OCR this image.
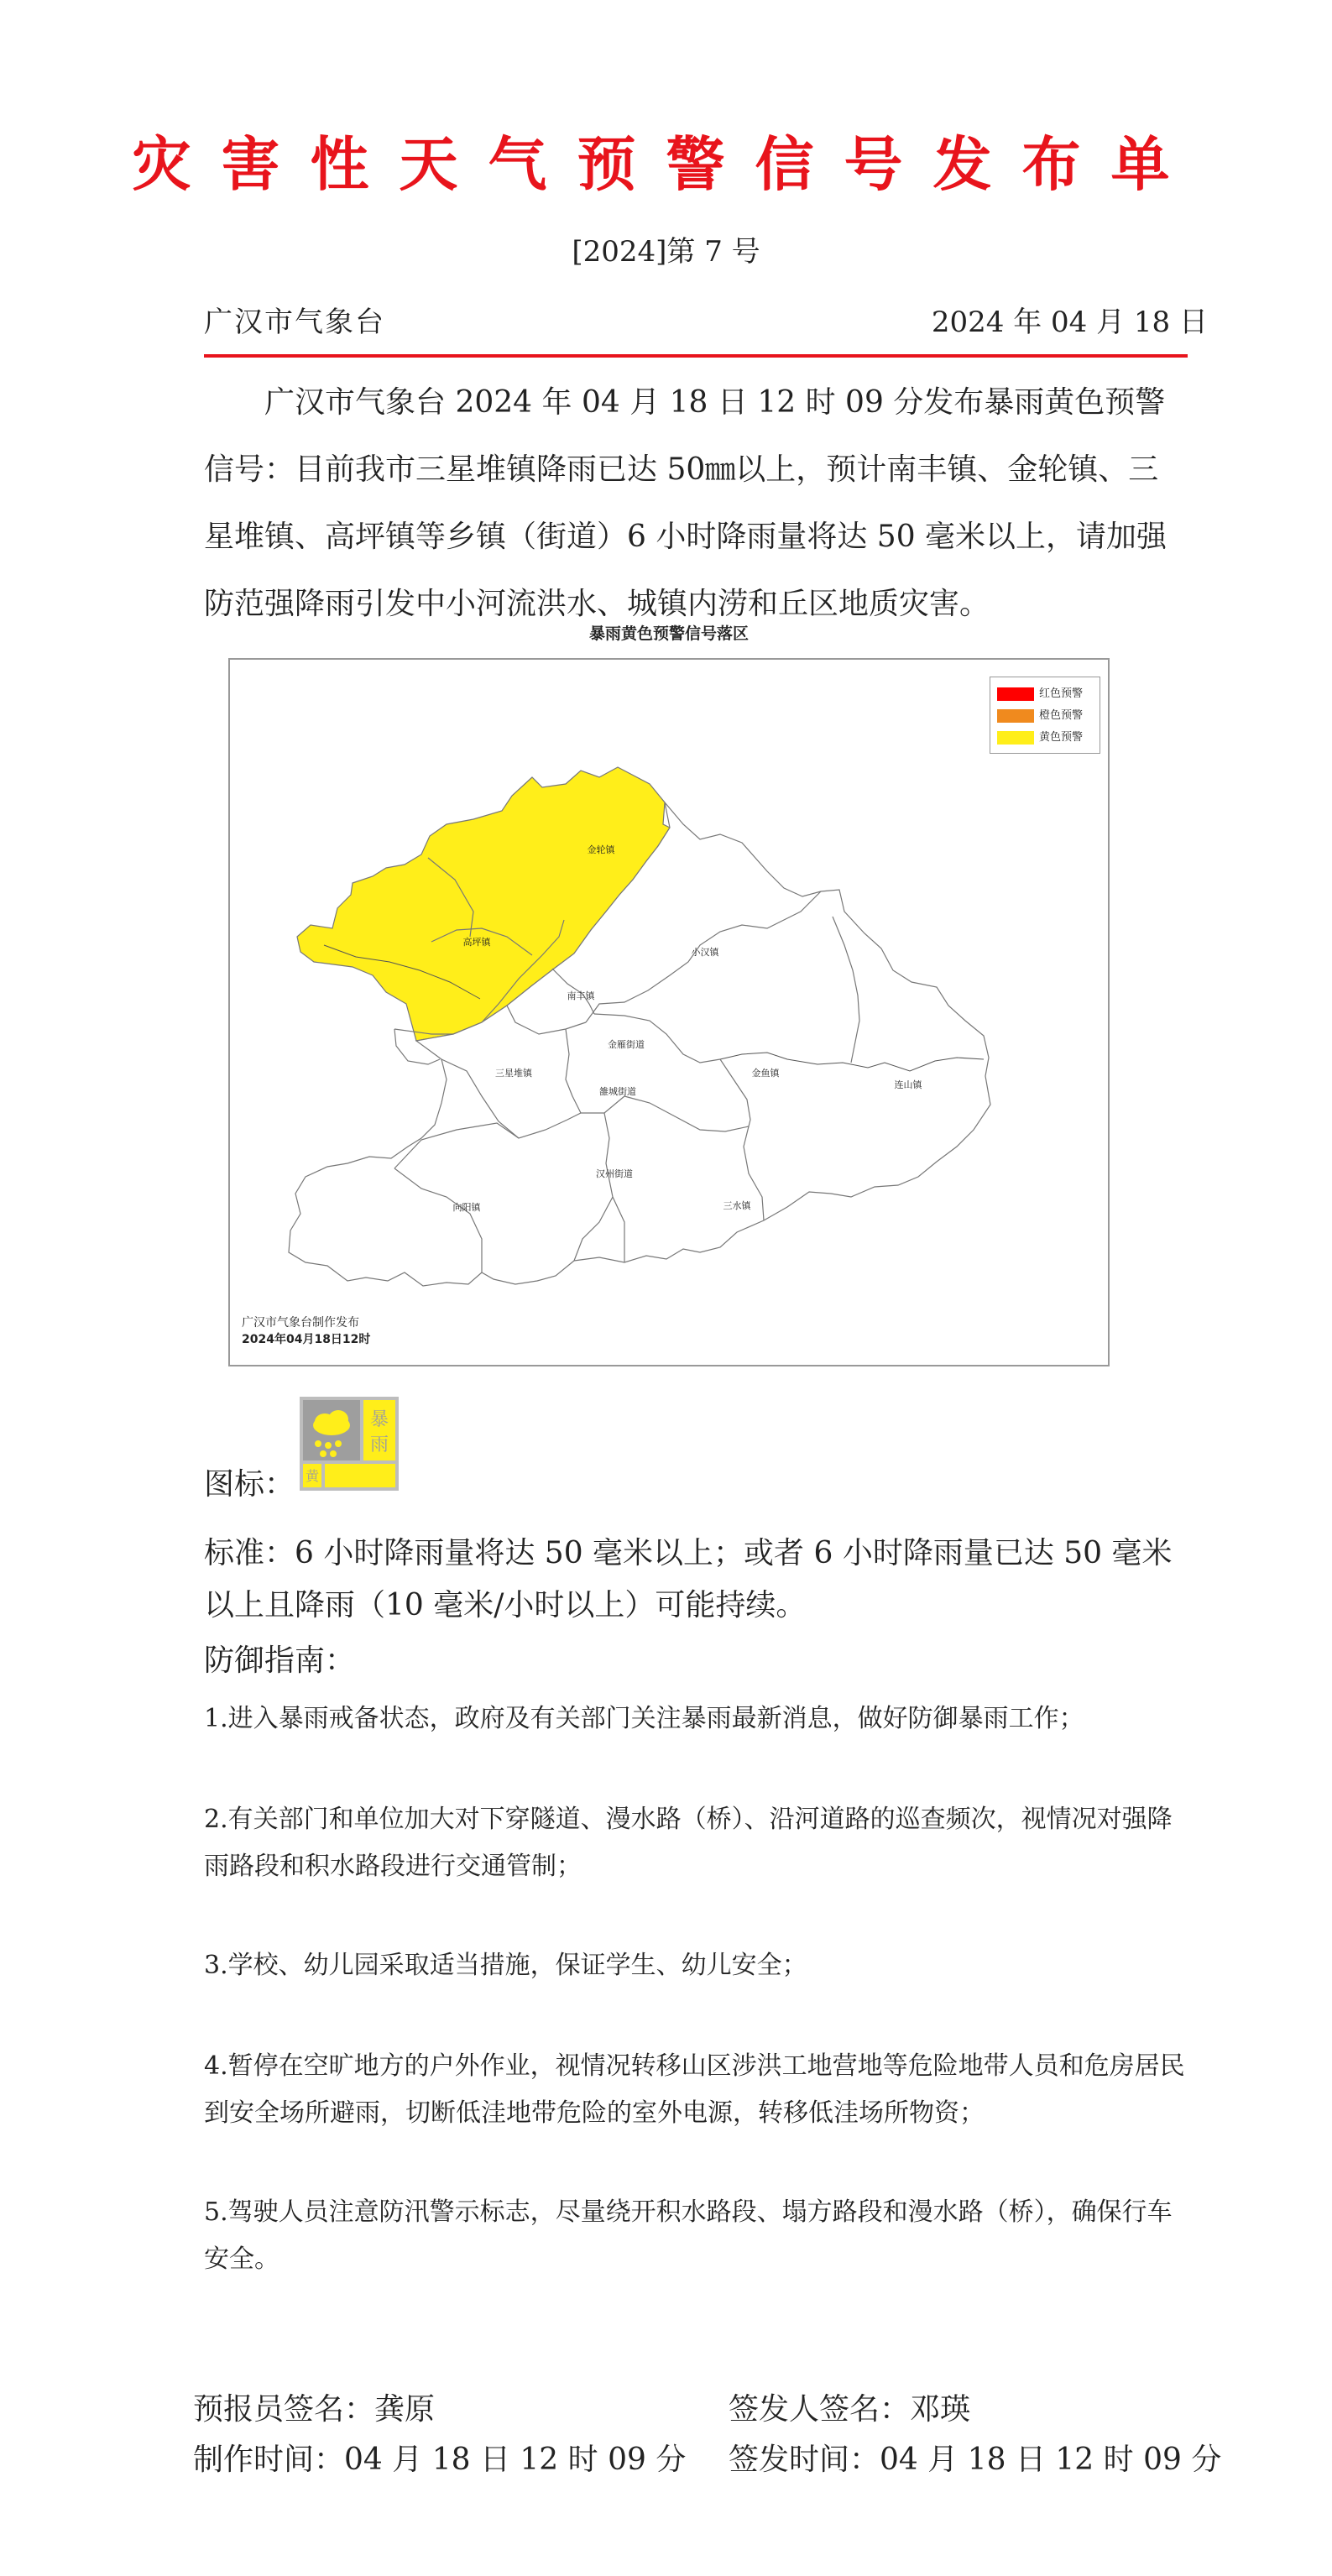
灾害性天气预警信号发布单
[2024]第 7 号
广汉市气象台	2024 年 04 月 18 日
广汉市气象台 2024 年 04 月 18 日 12 时 09 分发布暴雨黄色预警信号：目前我市三星堆镇降雨已达 50㎜以上，预计南丰镇、金轮镇、三星堆镇、高坪镇等乡镇（街道）6 小时降雨量将达 50 毫米以上，请加强防范强降雨引发中小河流洪水、城镇内涝和丘区地质灾害。
暴雨黄色预警信号落区
金轮镇
高坪镇
南丰镇
小汉镇
金雁街道
三星堆镇
雒城街道
金鱼镇
连山镇
汉州街道
向阳镇	三水镇
红色预警
橙色预警
黄色预警
广汉市气象台制作发布
2024年04月18日12时
图标：
暴
雨
黄
标准：6 小时降雨量将达 50 毫米以上；或者 6 小时降雨量已达 50 毫米以上且降雨（10 毫米/小时以上）可能持续。
防御指南：
1.进入暴雨戒备状态，政府及有关部门关注暴雨最新消息，做好防御暴雨工作；
2.有关部门和单位加大对下穿隧道、漫水路（桥）、沿河道路的巡查频次，视情况对强降雨路段和积水路段进行交通管制；
3.学校、幼儿园采取适当措施，保证学生、幼儿安全；
4.暂停在空旷地方的户外作业，视情况转移山区涉洪工地营地等危险地带人员和危房居民到安全场所避雨，切断低洼地带危险的室外电源，转移低洼场所物资；
5.驾驶人员注意防汛警示标志，尽量绕开积水路段、塌方路段和漫水路（桥），确保行车安全。
预报员签名：龚原	签发人签名：邓瑛
制作时间：04 月 18 日 12 时 09 分 签发时间：04 月 18 日 12 时 09 分
